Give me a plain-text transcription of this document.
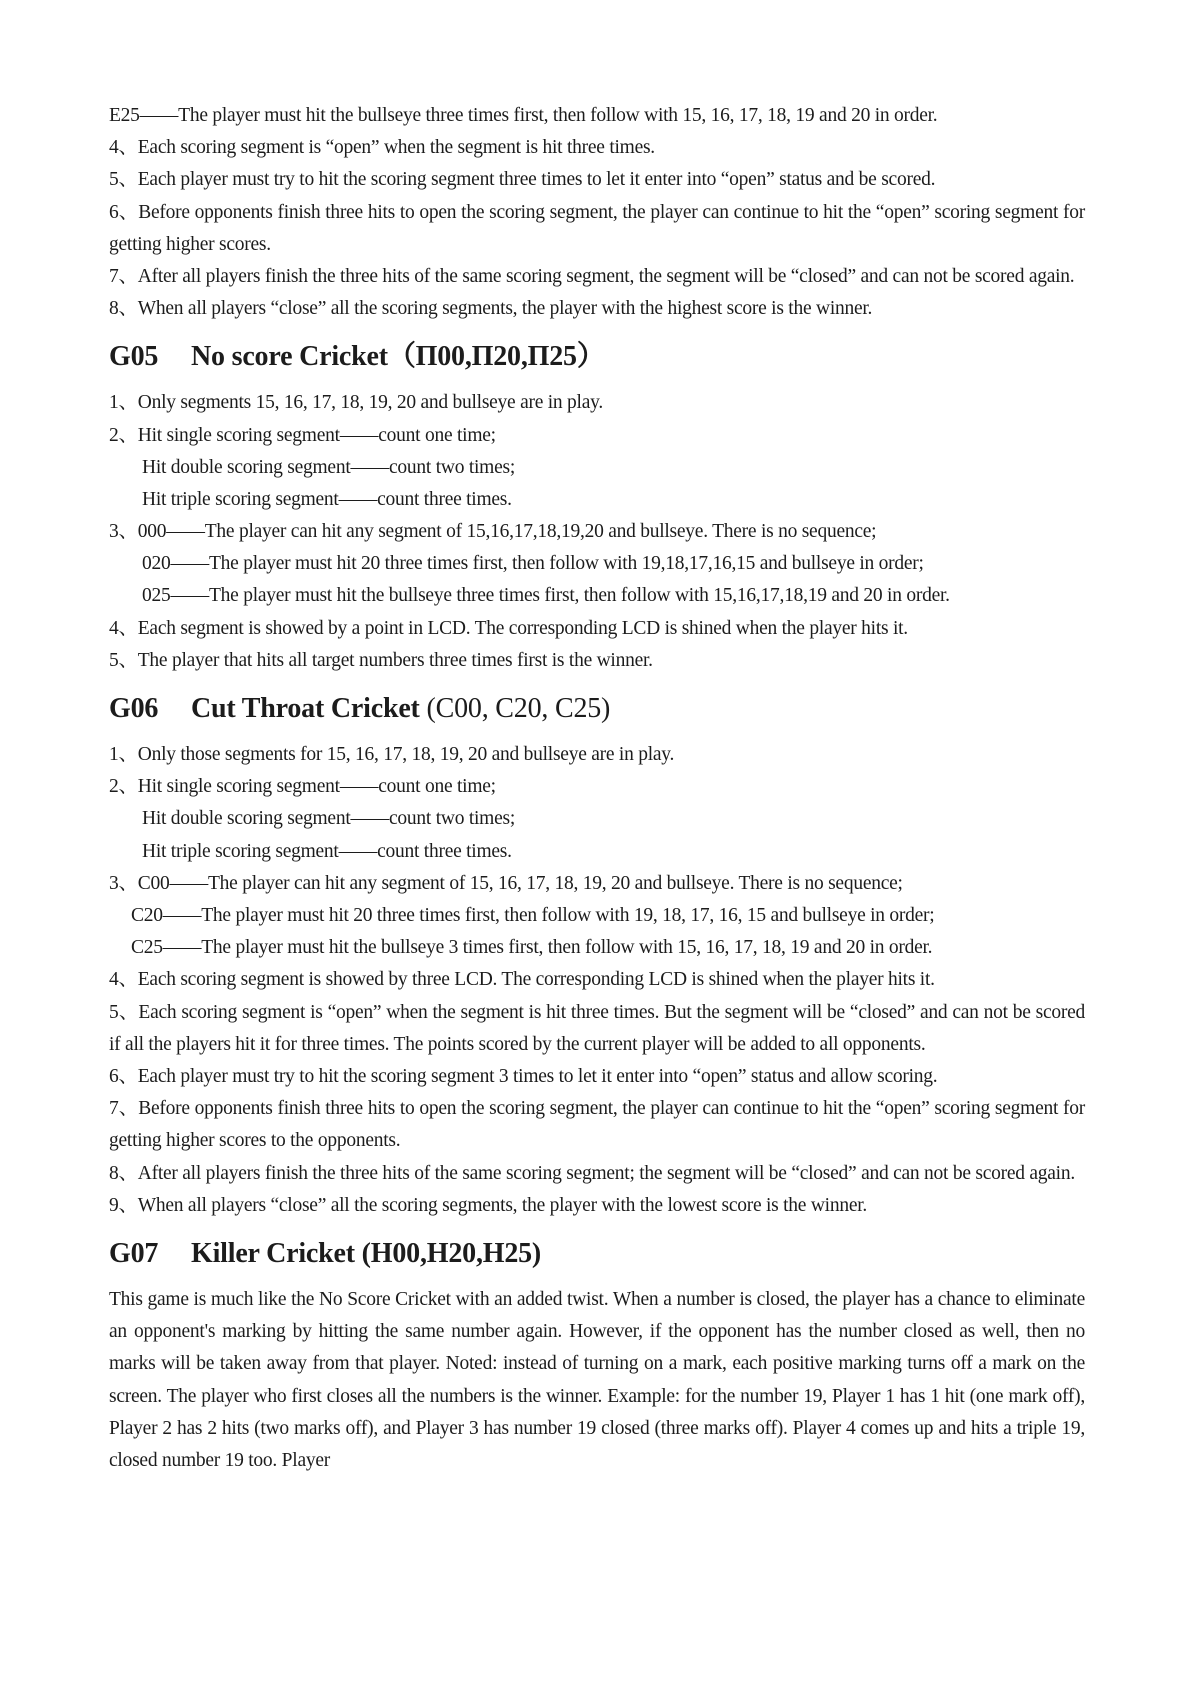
E25——The player must hit the bullseye three times first, then follow with 15, 16, 17, 18, 19 and 20 in order.
4、Each scoring segment is “open” when the segment is hit three times.
5、Each player must try to hit the scoring segment three times to let it enter into “open” status and be scored.
6、Before opponents finish three hits to open the scoring segment, the player can continue to hit the “open” scoring segment for getting higher scores.
7、After all players finish the three hits of the same scoring segment, the segment will be “closed” and can not be scored again.
8、When all players “close” all the scoring segments, the player with the highest score is the winner.
G05 No score Cricket（П00,П20,П25）
1、Only segments 15, 16, 17, 18, 19, 20 and bullseye are in play.
2、Hit single scoring segment——count one time;
Hit double scoring segment——count two times;
Hit triple scoring segment——count three times.
3、000——The player can hit any segment of 15,16,17,18,19,20 and bullseye. There is no sequence;
020——The player must hit 20 three times first, then follow with 19,18,17,16,15 and bullseye in order;
025——The player must hit the bullseye three times first, then follow with 15,16,17,18,19 and 20 in order.
4、Each segment is showed by a point in LCD. The corresponding LCD is shined when the player hits it.
5、The player that hits all target numbers three times first is the winner.
G06 Cut Throat Cricket (C00, C20, C25)
1、Only those segments for 15, 16, 17, 18, 19, 20 and bullseye are in play.
2、Hit single scoring segment——count one time;
Hit double scoring segment——count two times;
Hit triple scoring segment——count three times.
3、C00——The player can hit any segment of 15, 16, 17, 18, 19, 20 and bullseye. There is no sequence;
C20——The player must hit 20 three times first, then follow with 19, 18, 17, 16, 15 and bullseye in order;
C25——The player must hit the bullseye 3 times first, then follow with 15, 16, 17, 18, 19 and 20 in order.
4、Each scoring segment is showed by three LCD. The corresponding LCD is shined when the player hits it.
5、Each scoring segment is “open” when the segment is hit three times. But the segment will be “closed” and can not be scored if all the players hit it for three times. The points scored by the current player will be added to all opponents.
6、Each player must try to hit the scoring segment 3 times to let it enter into “open” status and allow scoring.
7、Before opponents finish three hits to open the scoring segment, the player can continue to hit the “open” scoring segment for getting higher scores to the opponents.
8、After all players finish the three hits of the same scoring segment; the segment will be “closed” and can not be scored again.
9、When all players “close” all the scoring segments, the player with the lowest score is the winner.
G07 Killer Cricket (H00,H20,H25)
This game is much like the No Score Cricket with an added twist. When a number is closed, the player has a chance to eliminate an opponent's marking by hitting the same number again. However, if the opponent has the number closed as well, then no marks will be taken away from that player. Noted: instead of turning on a mark, each positive marking turns off a mark on the screen. The player who first closes all the numbers is the winner. Example: for the number 19, Player 1 has 1 hit (one mark off), Player 2 has 2 hits (two marks off), and Player 3 has number 19 closed (three marks off). Player 4 comes up and hits a triple 19, closed number 19 too. Player
